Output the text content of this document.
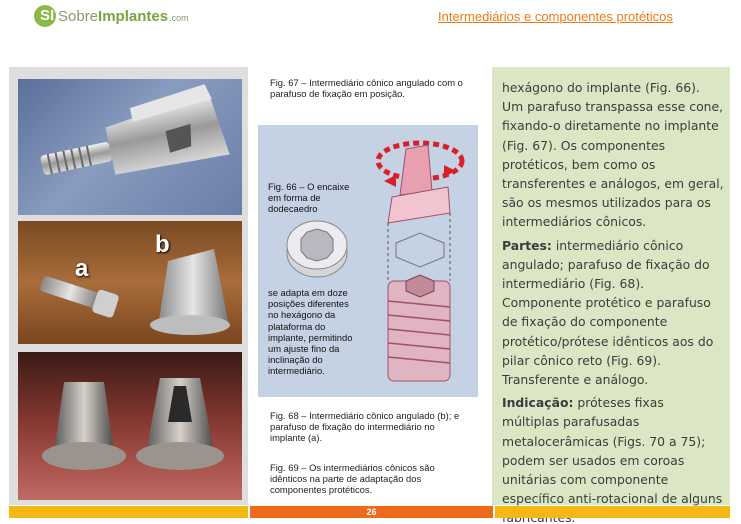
SI SobreImplantes.com	Intermediários e componentes protéticos
a
b
Fig. 67 – Intermediário cônico angulado com o parafuso de fixação em posição.
Fig. 66 – O encaixe em forma de dodecaedro
se adapta em doze posições diferentes no hexágono da plataforma do implante, permitindo um ajuste fino da inclinação do intermediário.
Fig. 68 – Intermediário cônico angulado (b); e parafuso de fixação do intermediário no implante (a).
Fig. 69 – Os intermediários cônicos são idênticos na parte de adaptação dos componentes protéticos.

hexágono do implante (Fig. 66). Um parafuso transpassa esse cone, fixando-o diretamente no implante (Fig. 67). Os componentes protéticos, bem como os transferentes e análogos, em geral, são os mesmos utilizados para os intermediários cônicos.

Partes: intermediário cônico angulado; parafuso de fixação do intermediário (Fig. 68). Componente protético e parafuso de fixação do componente protético/prótese idênticos aos do pilar cônico reto (Fig. 69). Transferente e análogo.

Indicação: próteses fixas múltiplas parafusadas metalocerâmicas (Figs. 70 a 75); podem ser usados em coroas unitárias com componente específico anti-rotacional de alguns

26
